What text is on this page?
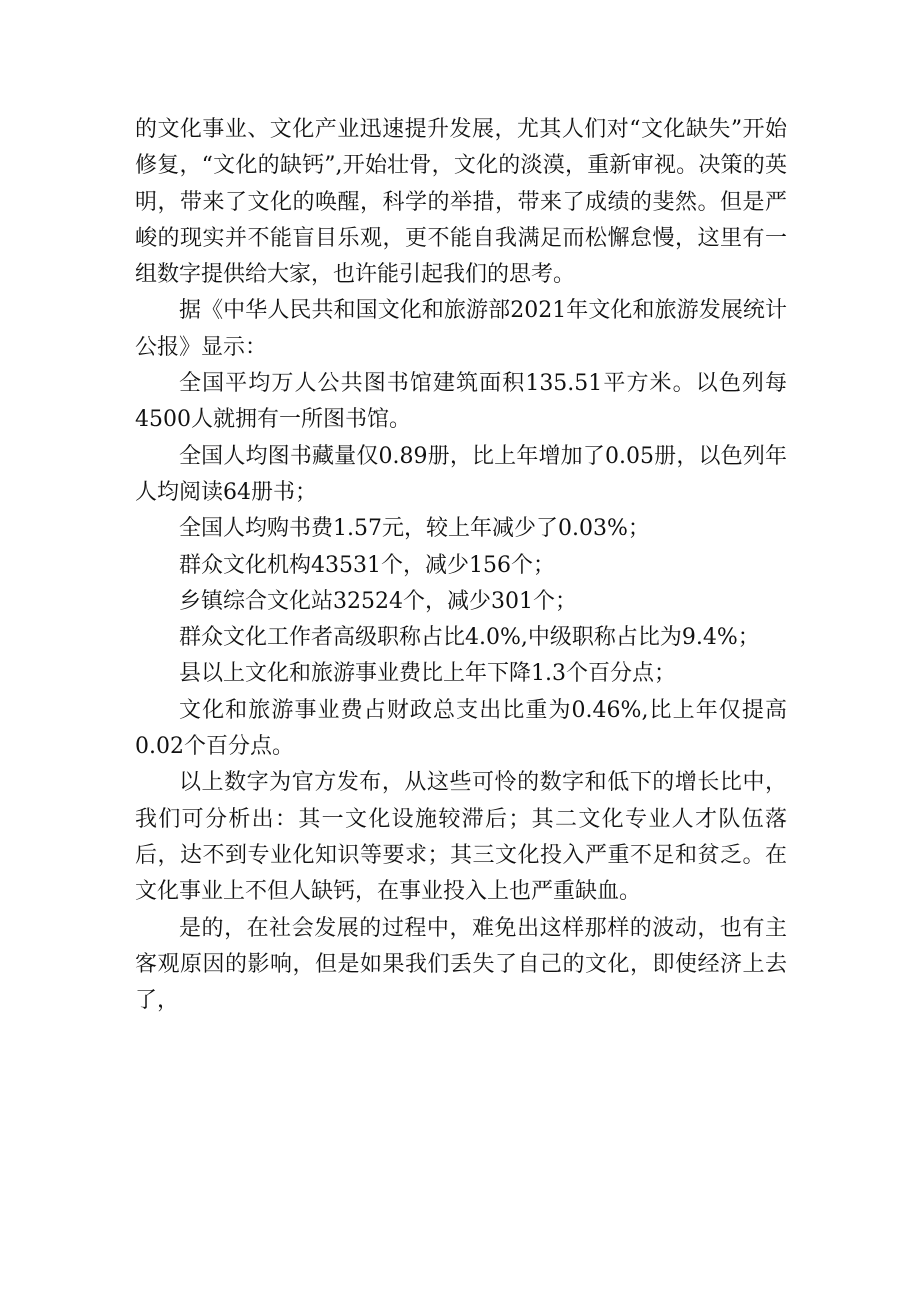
的文化事业、文化产业迅速提升发展，尤其人们对“文化缺失”开始修复，“文化的缺钙”,开始壮骨，文化的淡漠，重新审视。决策的英明，带来了文化的唤醒，科学的举措，带来了成绩的斐然。但是严峻的现实并不能盲目乐观，更不能自我满足而松懈怠慢，这里有一组数字提供给大家，也许能引起我们的思考。

据《中华人民共和国文化和旅游部2021年文化和旅游发展统计公报》显示：

全国平均万人公共图书馆建筑面积135.51平方米。以色列每4500人就拥有一所图书馆。

全国人均图书藏量仅0.89册，比上年增加了0.05册，以色列年人均阅读64册书；

全国人均购书费1.57元，较上年减少了0.03%；

群众文化机构43531个，减少156个；

乡镇综合文化站32524个，减少301个；

群众文化工作者高级职称占比4.0%,中级职称占比为9.4%；

县以上文化和旅游事业费比上年下降1.3个百分点；

文化和旅游事业费占财政总支出比重为0.46%,比上年仅提高0.02个百分点。

以上数字为官方发布，从这些可怜的数字和低下的增长比中，我们可分析出：其一文化设施较滞后；其二文化专业人才队伍落后，达不到专业化知识等要求；其三文化投入严重不足和贫乏。在文化事业上不但人缺钙，在事业投入上也严重缺血。

是的，在社会发展的过程中，难免出这样那样的波动，也有主客观原因的影响，但是如果我们丢失了自己的文化，即使经济上去了，
